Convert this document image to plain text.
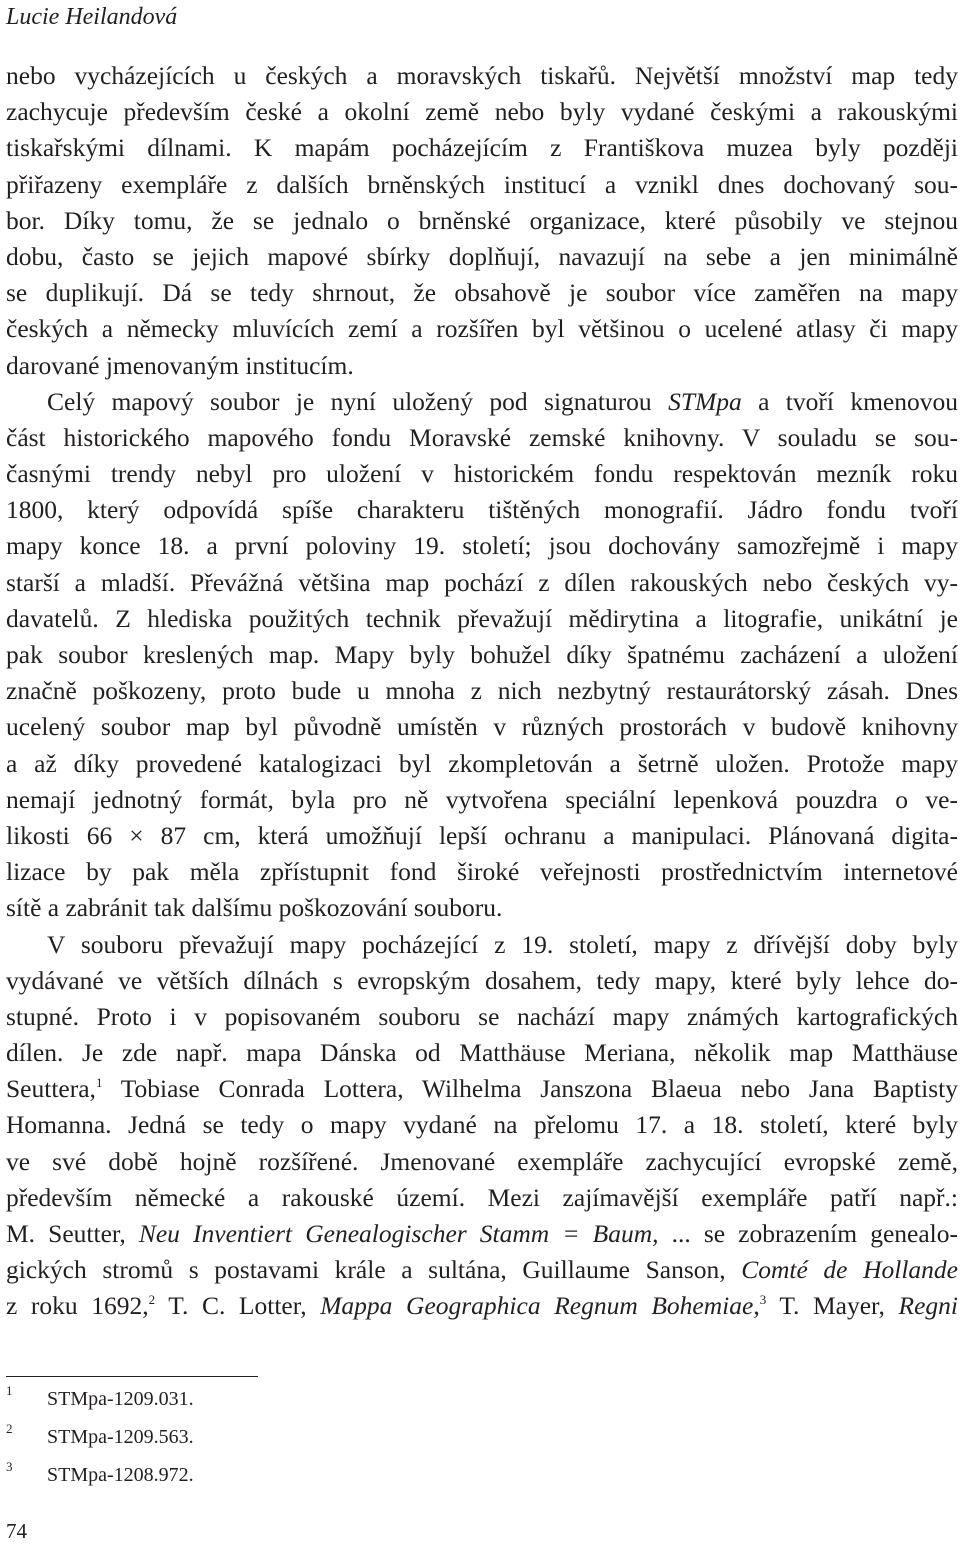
Lucie Heilandová
nebo vycházejících u českých a moravských tiskařů. Největší množství map tedy
zachycuje především české a okolní země nebo byly vydané českými a rakouskými
tiskařskými dílnami. K mapám pocházejícím z Františkova muzea byly později
přiřazeny exempláře z dalších brněnských institucí a vznikl dnes dochovaný sou-
bor. Díky tomu, že se jednalo o brněnské organizace, které působily ve stejnou
dobu, často se jejich mapové sbírky doplňují, navazují na sebe a jen minimálně
se duplikují. Dá se tedy shrnout, že obsahově je soubor více zaměřen na mapy
českých a německy mluvících zemí a rozšířen byl většinou o ucelené atlasy či mapy
darované jmenovaným institucím.
Celý mapový soubor je nyní uložený pod signaturou STMpa a tvoří kmenovou
část historického mapového fondu Moravské zemské knihovny. V souladu se sou-
časnými trendy nebyl pro uložení v historickém fondu respektován mezník roku
1800, který odpovídá spíše charakteru tištěných monografií. Jádro fondu tvoří
mapy konce 18. a první poloviny 19. století; jsou dochovány samozřejmě i mapy
starší a mladší. Převážná většina map pochází z dílen rakouských nebo českých vy-
davatelů. Z hlediska použitých technik převažují mědirytina a litografie, unikátní je
pak soubor kreslených map. Mapy byly bohužel díky špatnému zacházení a uložení
značně poškozeny, proto bude u mnoha z nich nezbytný restaurátorský zásah. Dnes
ucelený soubor map byl původně umístěn v různých prostorách v budově knihovny
a až díky provedené katalogizaci byl zkompletován a šetrně uložen. Protože mapy
nemají jednotný formát, byla pro ně vytvořena speciální lepenková pouzdra o ve-
likosti 66 × 87 cm, která umožňují lepší ochranu a manipulaci. Plánovaná digita-
lizace by pak měla zpřístupnit fond široké veřejnosti prostřednictvím internetové
sítě a zabránit tak dalšímu poškozování souboru.
V souboru převažují mapy pocházející z 19. století, mapy z dřívější doby byly
vydávané ve větších dílnách s evropským dosahem, tedy mapy, které byly lehce do-
stupné. Proto i v popisovaném souboru se nachází mapy známých kartografických
dílen. Je zde např. mapa Dánska od Matthäuse Meriana, několik map Matthäuse
Seuttera,$^1$ Tobiase Conrada Lottera, Wilhelma Janszona Blaeua nebo Jana Baptisty
Homanna. Jedná se tedy o mapy vydané na přelomu 17. a 18. století, které byly
ve své době hojně rozšířené. Jmenované exempláře zachycující evropské země,
především německé a rakouské území. Mezi zajímavější exempláře patří např.:
M. Seutter, Neu Inventiert Genealogischer Stamm = Baum, ... se zobrazením genealo-
gických stromů s postavami krále a sultána, Guillaume Sanson, Comté de Hollande
z roku 1692,$^2$ T. C. Lotter, Mappa Geographica Regnum Bohemiae,$^3$ T. Mayer, Regni
1 STMpa-1209.031.
2 STMpa-1209.563.
3 STMpa-1208.972.
74
